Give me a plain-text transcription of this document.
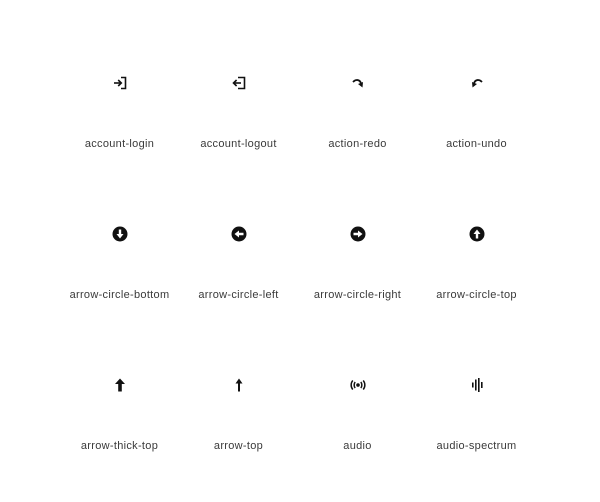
account-login	account-logout	action-redo	action-undo
arrow-circle-bottom	arrow-circle-left	arrow-circle-right	arrow-circle-top
arrow-thick-top	arrow-top	audio	audio-spectrum
